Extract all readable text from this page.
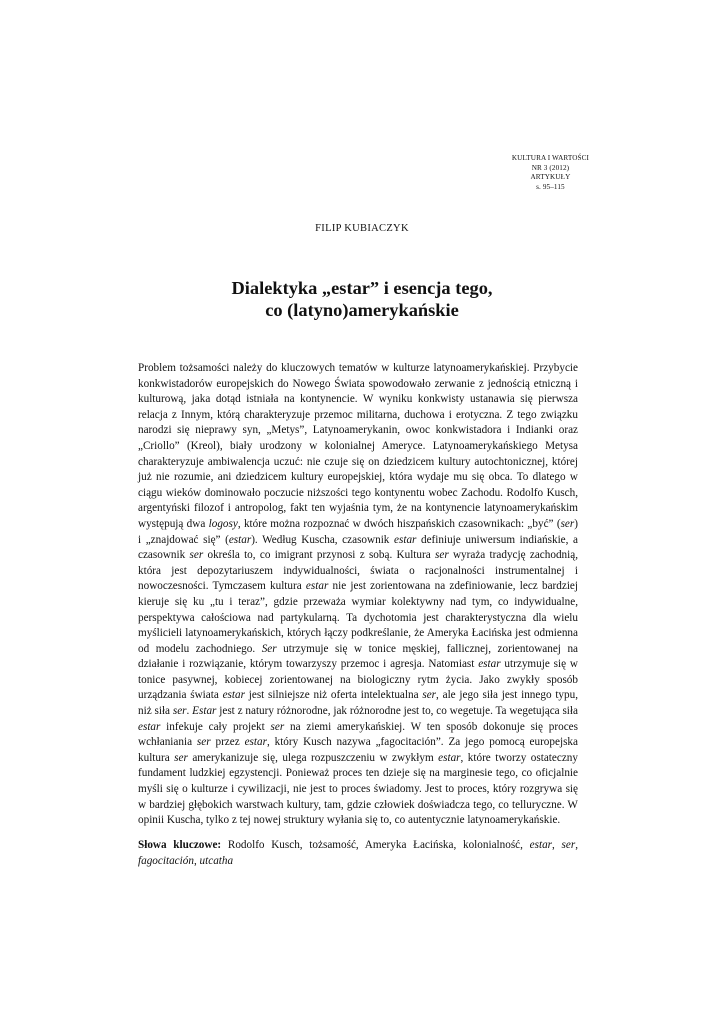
KULTURA I WARTOŚCI
NR 3 (2012)
ARTYKUŁY
s. 95–115
FILIP KUBIACZYK
Dialektyka „estar” i esencja tego,
co (latyno)amerykańskie

Problem tożsamości należy do kluczowych tematów w kulturze latynoamerykańskiej. Przybycie konkwistadorów europejskich do Nowego Świata spowodowało zerwanie z jednością etniczną i kulturową, jaka dotąd istniała na kontynencie. W wyniku konkwisty ustanawia się pierwsza relacja z Innym, którą charakteryzuje przemoc militarna, duchowa i erotyczna. Z tego związku narodzi się nieprawy syn, „Metys”, Latynoamerykanin, owoc konkwistadora i Indianki oraz „Criollo” (Kreol), biały urodzony w kolonialnej Ameryce. Latynoamerykańskiego Metysa charakteryzuje ambiwalencja uczuć: nie czuje się on dziedzicem kultury autochtonicznej, której już nie rozumie, ani dziedzicem kultury europejskiej, która wydaje mu się obca. To dlatego w ciągu wieków dominowało poczucie niższości tego kontynentu wobec Zachodu. Rodolfo Kusch, argentyński filozof i antropolog, fakt ten wyjaśnia tym, że na kontynencie latynoamerykańskim występują dwa logosy, które można rozpoznać w dwóch hiszpańskich czasownikach: „być” (ser) i „znajdować się” (estar). Według Kuscha, czasownik estar definiuje uniwersum indiańskie, a czasownik ser określa to, co imigrant przynosi z sobą. Kultura ser wyraża tradycję zachodnią, która jest depozytariuszem indywidualności, świata o racjonalności instrumentalnej i nowoczesności. Tymczasem kultura estar nie jest zorientowana na zdefiniowanie, lecz bardziej kieruje się ku „tu i teraz”, gdzie przeważa wymiar kolektywny nad tym, co indywidualne, perspektywa całościowa nad partykularną. Ta dychotomia jest charakterystyczna dla wielu myślicieli latynoamerykańskich, których łączy podkreślanie, że Ameryka Łacińska jest odmienna od modelu zachodniego. Ser utrzymuje się w tonice męskiej, fallicznej, zorientowanej na działanie i rozwiązanie, którym towarzyszy przemoc i agresja. Natomiast estar utrzymuje się w tonice pasywnej, kobiecej zorientowanej na biologiczny rytm życia. Jako zwykły sposób urządzania świata estar jest silniejsze niż oferta intelektualna ser, ale jego siła jest innego typu, niż siła ser. Estar jest z natury różnorodne, jak różnorodne jest to, co wegetuje. Ta wegetująca siła estar infekuje cały projekt ser na ziemi amerykańskiej. W ten sposób dokonuje się proces wchłaniania ser przez estar, który Kusch nazywa „fagocitación”. Za jego pomocą europejska kultura ser amerykanizuje się, ulega rozpuszczeniu w zwykłym estar, które tworzy ostateczny fundament ludzkiej egzystencji. Ponieważ proces ten dzieje się na marginesie tego, co oficjalnie myśli się o kulturze i cywilizacji, nie jest to proces świadomy. Jest to proces, który rozgrywa się w bardziej głębokich warstwach kultury, tam, gdzie człowiek doświadcza tego, co telluryczne. W opinii Kuscha, tylko z tej nowej struktury wyłania się to, co autentycznie latynoamerykańskie.

Słowa kluczowe: Rodolfo Kusch, tożsamość, Ameryka Łacińska, kolonialność, estar, ser, fagocitación, utcatha
